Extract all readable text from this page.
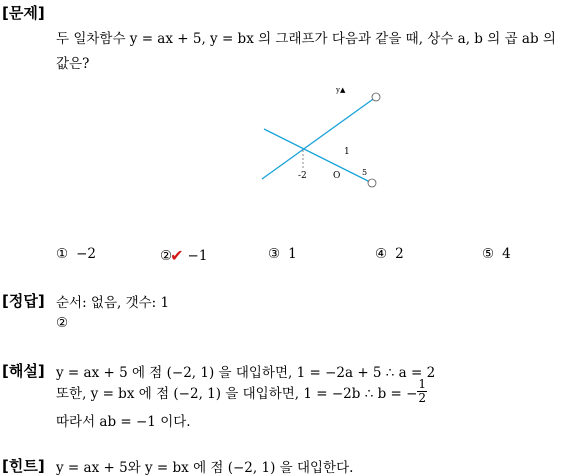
[문제]
두 일차함수 y = ax + 5, y = bx 의 그래프가 다음과 같을 때, 상수 a, b 의 곱 ab 의
값은?
y▲
1
5
-2	O
① −2	②
✔ −1	③ 1	④ 2	⑤ 4
[정답] 순서: 없음, 갯수: 1
②
[해설] y = ax + 5 에 점 (−2, 1) 을 대입하면, 1 = −2a + 5 ∴ a = 2
또한, y = bx 에 점 (−2, 1) 을 대입하면, 1 = −2b ∴ b = − $\frac{1}{2}$
따라서 ab = −1 이다.
[힌트] y = ax + 5와 y = bx 에 점 (−2, 1) 을 대입한다.
